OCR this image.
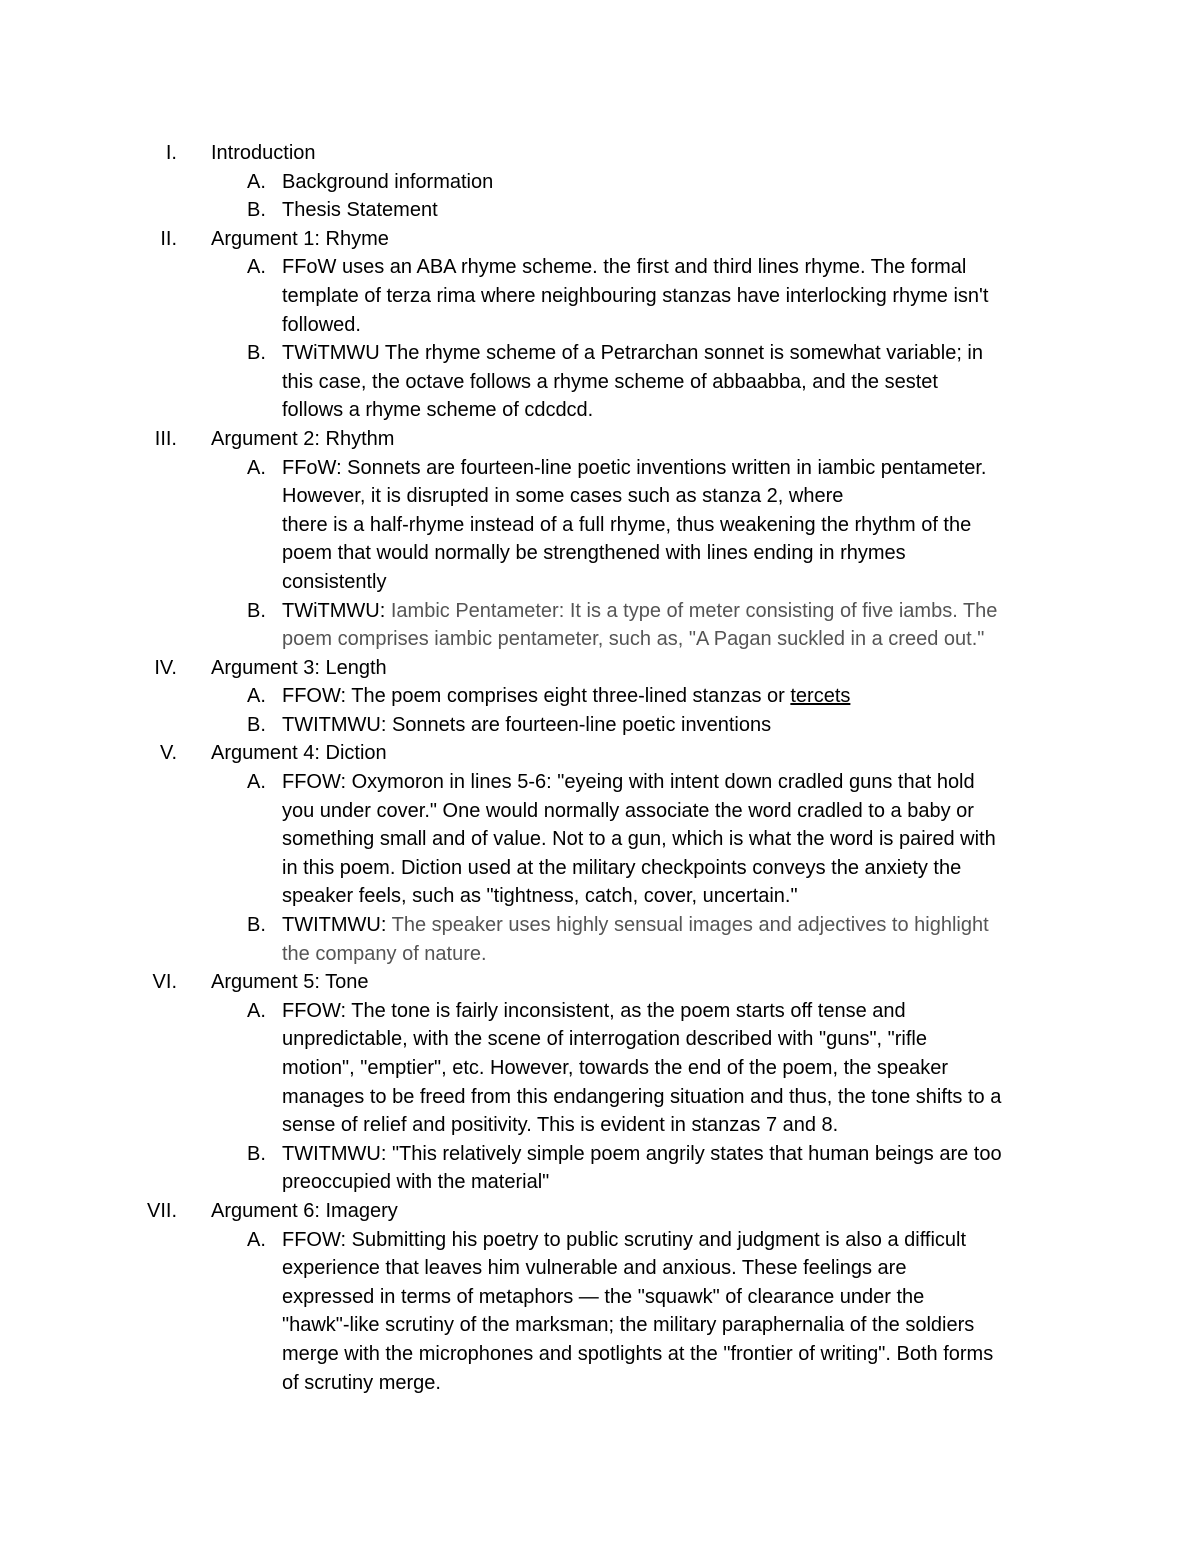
I. Introduction
A. Background information
B. Thesis Statement
II. Argument 1: Rhyme
A. FFoW uses an ABA rhyme scheme. the first and third lines rhyme. The formal
template of terza rima where neighbouring stanzas have interlocking rhyme isn't
followed.
B. TWiTMWU The rhyme scheme of a Petrarchan sonnet is somewhat variable; in
this case, the octave follows a rhyme scheme of abbaabba, and the sestet
follows a rhyme scheme of cdcdcd.
III. Argument 2: Rhythm
A. FFoW: Sonnets are fourteen-line poetic inventions written in iambic pentameter.
However, it is disrupted in some cases such as stanza 2, where
there is a half-rhyme instead of a full rhyme, thus weakening the rhythm of the
poem that would normally be strengthened with lines ending in rhymes
consistently
B. TWiTMWU: Iambic Pentameter: It is a type of meter consisting of five iambs. The
poem comprises iambic pentameter, such as, "A Pagan suckled in a creed out."
IV. Argument 3: Length
A. FFOW: The poem comprises eight three-lined stanzas or tercets
B. TWITMWU: Sonnets are fourteen-line poetic inventions
V. Argument 4: Diction
A. FFOW: Oxymoron in lines 5-6: "eyeing with intent down cradled guns that hold
you under cover." One would normally associate the word cradled to a baby or
something small and of value. Not to a gun, which is what the word is paired with
in this poem. Diction used at the military checkpoints conveys the anxiety the
speaker feels, such as "tightness, catch, cover, uncertain."
B. TWITMWU: The speaker uses highly sensual images and adjectives to highlight
the company of nature.
VI. Argument 5: Tone
A. FFOW: The tone is fairly inconsistent, as the poem starts off tense and
unpredictable, with the scene of interrogation described with "guns", "rifle
motion", "emptier", etc. However, towards the end of the poem, the speaker
manages to be freed from this endangering situation and thus, the tone shifts to a
sense of relief and positivity. This is evident in stanzas 7 and 8.
B. TWITMWU: "This relatively simple poem angrily states that human beings are too
preoccupied with the material"
VII. Argument 6: Imagery
A. FFOW: Submitting his poetry to public scrutiny and judgment is also a difficult
experience that leaves him vulnerable and anxious. These feelings are
expressed in terms of metaphors — the "squawk" of clearance under the
"hawk"-like scrutiny of the marksman; the military paraphernalia of the soldiers
merge with the microphones and spotlights at the "frontier of writing". Both forms
of scrutiny merge.
